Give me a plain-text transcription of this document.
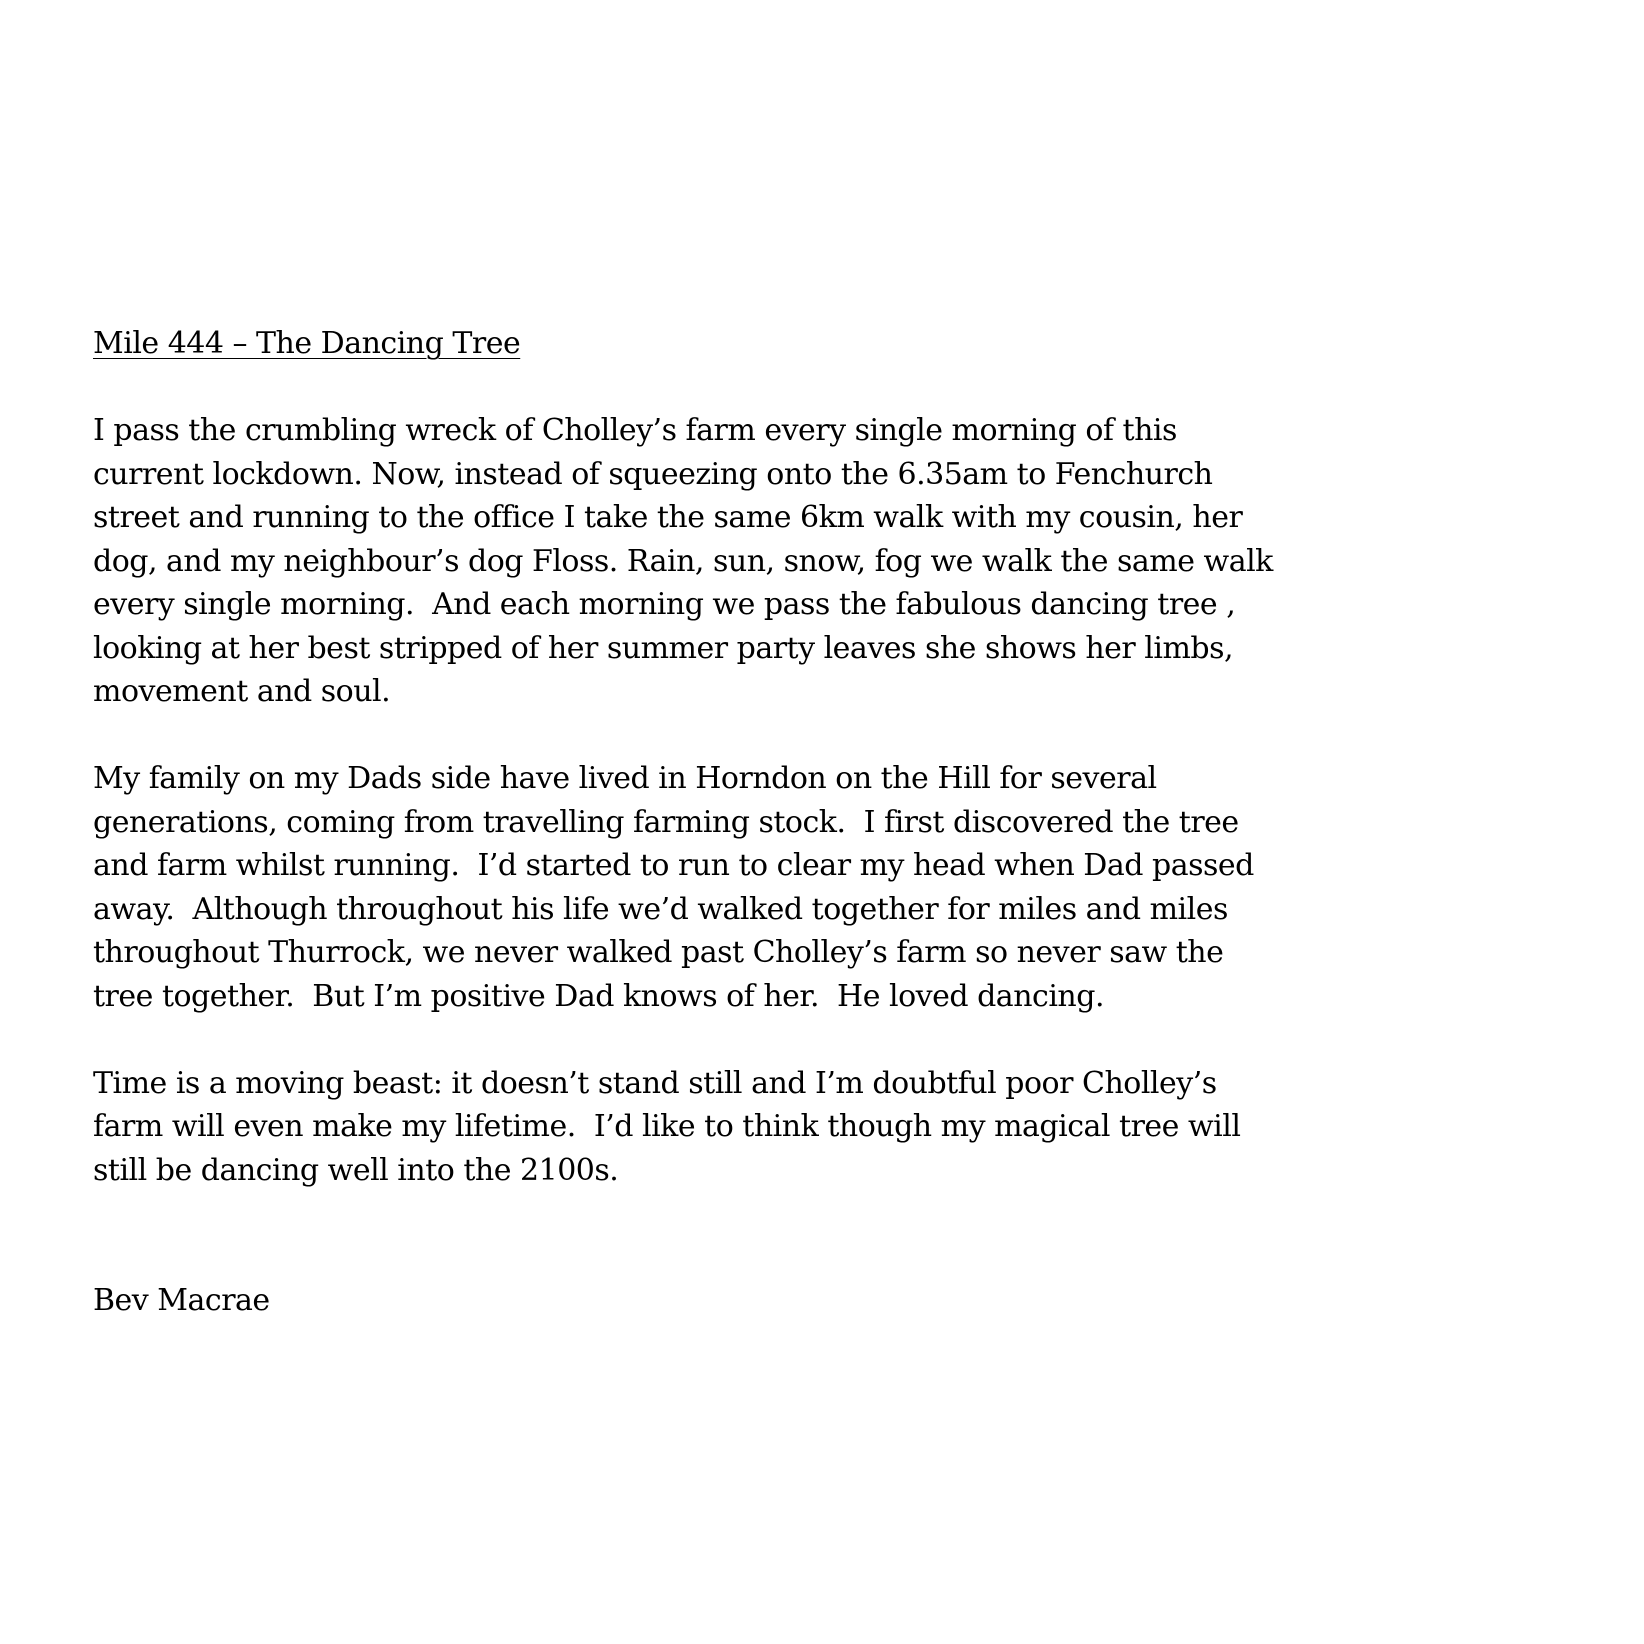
Mile 444 – The Dancing Tree

I pass the crumbling wreck of Cholley’s farm every single morning of this
current lockdown. Now, instead of squeezing onto the 6.35am to Fenchurch
street and running to the office I take the same 6km walk with my cousin, her
dog, and my neighbour’s dog Floss. Rain, sun, snow, fog we walk the same walk
every single morning.  And each morning we pass the fabulous dancing tree ,
looking at her best stripped of her summer party leaves she shows her limbs,
movement and soul.

My family on my Dads side have lived in Horndon on the Hill for several
generations, coming from travelling farming stock.  I first discovered the tree
and farm whilst running.  I’d started to run to clear my head when Dad passed
away.  Although throughout his life we’d walked together for miles and miles
throughout Thurrock, we never walked past Cholley’s farm so never saw the
tree together.  But I’m positive Dad knows of her.  He loved dancing.

Time is a moving beast: it doesn’t stand still and I’m doubtful poor Cholley’s
farm will even make my lifetime.  I’d like to think though my magical tree will
still be dancing well into the 2100s.

Bev Macrae
